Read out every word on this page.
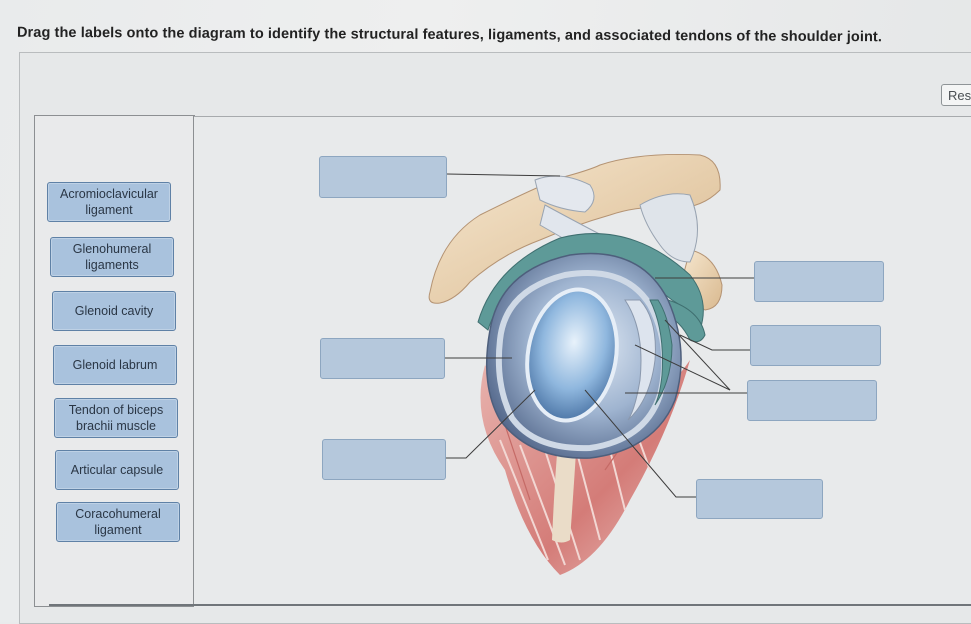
Drag the labels onto the diagram to identify the structural features, ligaments, and associated tendons of the shoulder joint.
Res
Acromioclavicular ligament
Glenohumeral ligaments
Glenoid cavity
Glenoid labrum
Tendon of biceps brachii muscle
Articular capsule
Coracohumeral ligament
